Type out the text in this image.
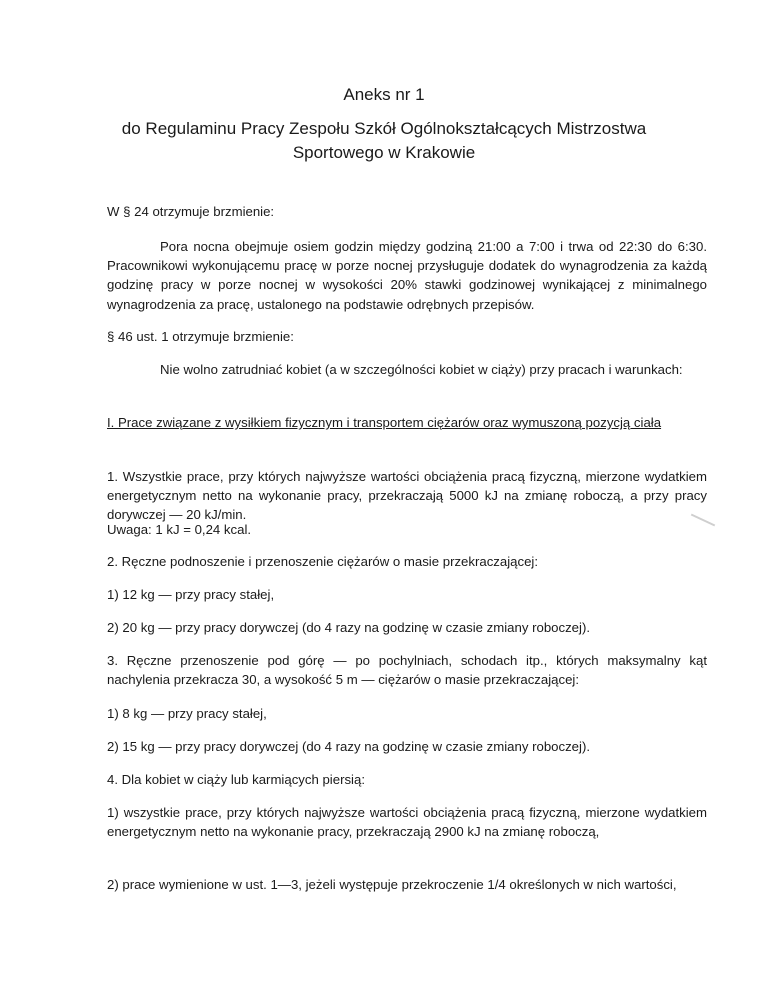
Aneks nr 1
do Regulaminu Pracy Zespołu Szkół Ogólnokształcących Mistrzostwa
Sportowego w Krakowie
W § 24 otrzymuje brzmienie:
Pora nocna obejmuje osiem godzin między godziną 21:00 a 7:00 i trwa od 22:30 do 6:30. Pracownikowi wykonującemu pracę w porze nocnej przysługuje dodatek do wynagrodzenia za każdą godzinę pracy w porze nocnej w wysokości 20% stawki godzinowej wynikającej z minimalnego wynagrodzenia za pracę, ustalonego na podstawie odrębnych przepisów.
§ 46 ust. 1 otrzymuje brzmienie:
Nie wolno zatrudniać kobiet (a w szczególności kobiet w ciąży) przy pracach i warunkach:
I. Prace związane z wysiłkiem fizycznym i transportem ciężarów oraz wymuszoną pozycją ciała
1. Wszystkie prace, przy których najwyższe wartości obciążenia pracą fizyczną, mierzone wydatkiem energetycznym netto na wykonanie pracy, przekraczają 5000 kJ na zmianę roboczą, a przy pracy dorywczej — 20 kJ/min.
Uwaga: 1 kJ = 0,24 kcal.
2. Ręczne podnoszenie i przenoszenie ciężarów o masie przekraczającej:
1) 12 kg — przy pracy stałej,
2) 20 kg — przy pracy dorywczej (do 4 razy na godzinę w czasie zmiany roboczej).
3. Ręczne przenoszenie pod górę — po pochylniach, schodach itp., których maksymalny kąt nachylenia przekracza 30, a wysokość 5 m — ciężarów o masie przekraczającej:
1) 8 kg — przy pracy stałej,
2) 15 kg — przy pracy dorywczej (do 4 razy na godzinę w czasie zmiany roboczej).
4. Dla kobiet w ciąży lub karmiących piersią:
1) wszystkie prace, przy których najwyższe wartości obciążenia pracą fizyczną, mierzone wydatkiem energetycznym netto na wykonanie pracy, przekraczają 2900 kJ na zmianę roboczą,
2) prace wymienione w ust. 1—3, jeżeli występuje przekroczenie 1/4 określonych w nich wartości,
